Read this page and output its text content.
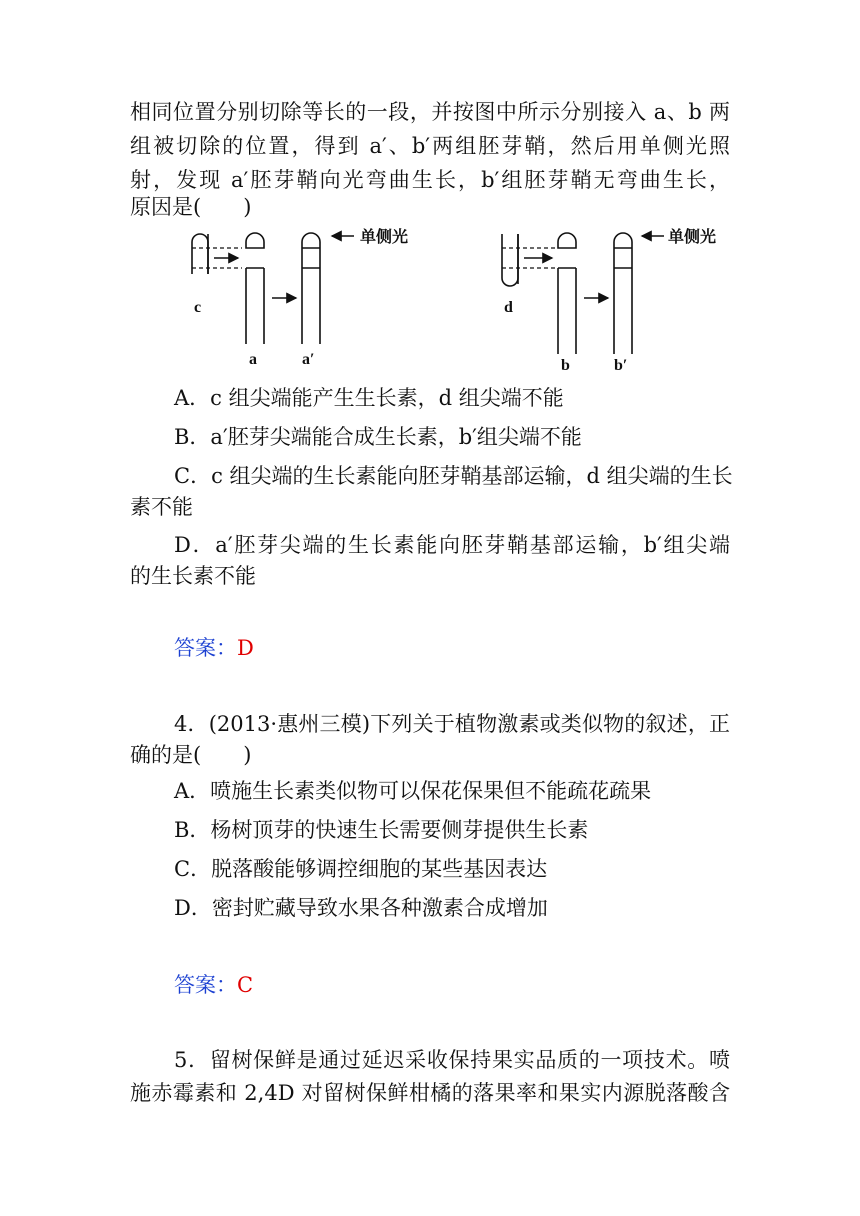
相同位置分别切除等长的一段，并按图中所示分别接入 a、b 两
组被切除的位置，得到 a′、b′两组胚芽鞘，然后用单侧光照
射，发现 a′胚芽鞘向光弯曲生长，b′组胚芽鞘无弯曲生长，
原因是(　　)
c
a	a′
单侧光
d
b	b′
单侧光
A．c 组尖端能产生生长素，d 组尖端不能
B．a′胚芽尖端能合成生长素，b′组尖端不能
C．c 组尖端的生长素能向胚芽鞘基部运输，d 组尖端的生长
素不能
D．a′胚芽尖端的生长素能向胚芽鞘基部运输，b′组尖端
的生长素不能
答案：D
4．(2013·惠州三模)下列关于植物激素或类似物的叙述，正
确的是(　　)
A．喷施生长素类似物可以保花保果但不能疏花疏果
B．杨树顶芽的快速生长需要侧芽提供生长素
C．脱落酸能够调控细胞的某些基因表达
D．密封贮藏导致水果各种激素合成增加
答案：C
5．留树保鲜是通过延迟采收保持果实品质的一项技术。喷
施赤霉素和 2,4D 对留树保鲜柑橘的落果率和果实内源脱落酸含
